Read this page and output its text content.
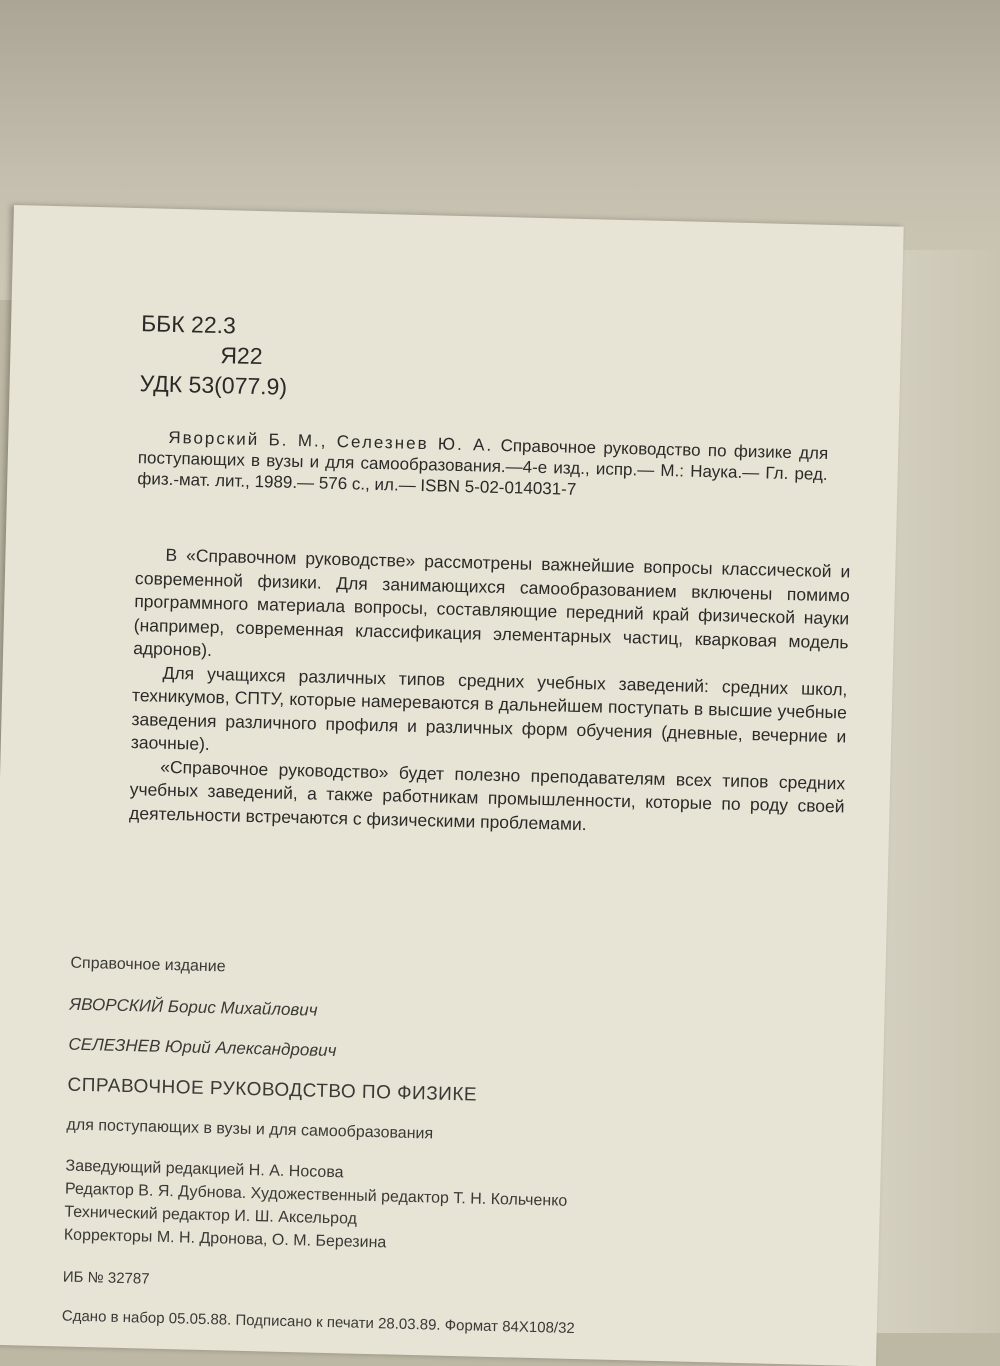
ББК 22.3
Я22
УДК 53(077.9)

Яворский Б. М., Селезнев Ю. А. Справочное руководство по физике для поступающих в вузы и для самообразования.—4-е изд., испр.— М.: Наука.— Гл. ред. физ.-мат. лит., 1989.— 576 с., ил.— ISBN 5-02-014031-7

В «Справочном руководстве» рассмотрены важнейшие вопросы классической и современной физики. Для занимающихся самообразованием включены помимо программного материала вопросы, составляющие передний край физической науки (например, современная классификация элементарных частиц, кварковая модель адронов).

Для учащихся различных типов средних учебных заведений: средних школ, техникумов, СПТУ, которые намереваются в дальнейшем поступать в высшие учебные заведения различного профиля и различных форм обучения (дневные, вечерние и заочные).

«Справочное руководство» будет полезно преподавателям всех типов средних учебных заведений, а также работникам промышленности, которые по роду своей деятельности встречаются с физическими проблемами.

Справочное издание
ЯВОРСКИЙ Борис Михайлович
СЕЛЕЗНЕВ Юрий Александрович
СПРАВОЧНОЕ РУКОВОДСТВО ПО ФИЗИКЕ
для поступающих в вузы и для самообразования
Заведующий редакцией Н. А. Носова
Редактор В. Я. Дубнова. Художественный редактор Т. Н. Кольченко
Технический редактор И. Ш. Аксельрод
Корректоры М. Н. Дронова, О. М. Березина
ИБ № 32787
Сдано в набор 05.05.88. Подписано к печати 28.03.89. Формат 84Х108/32
